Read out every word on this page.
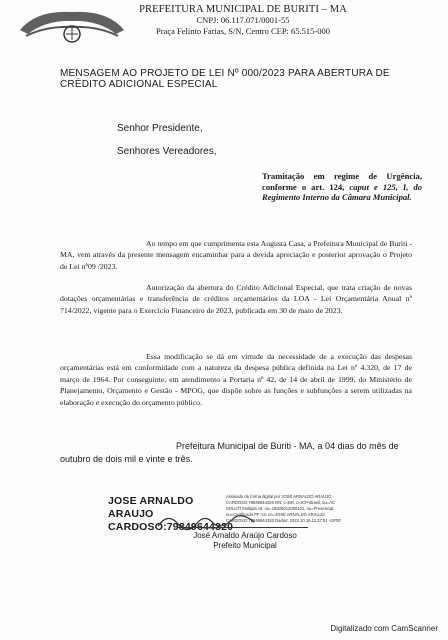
PREFEITURA MUNICIPAL DE BURITI – MA
CNPJ: 06.117.071/0001-55
Praça Felinto Farias, S/N, Centro CEP: 65.515-000
MENSAGEM AO PROJETO DE LEI Nº 000/2023 PARA ABERTURA DE CRÉDITO ADICIONAL ESPECIAL
Senhor Presidente,
Senhores Vereadores,
Tramitação em regime de Urgência, conforme o art. 124, caput e 125, I, do Regimento Interno da Câmara Municipal.
Ao tempo em que cumprimenta esta Augusta Casa, a Prefeitura Municipal de Buriti - MA, vem através da presente mensagem encaminhar para a devida apreciação e posterior aprovação o Projeto de Lei nº09 /2023.
Autorização da abertura do Crédito Adicional Especial, que trata criação de novas dotações orçamentárias e transferência de créditos orçamentários da LOA - Lei Orçamentária Anual nº 714/2022, vigente para o Exercício Financeiro de 2023, publicada em 30 de maio de 2023.
Essa modificação se dá em virtude da necessidade de a execução das despesas orçamentárias está em conformidade com a natureza da despesa pública definida na Lei nº 4.320, de 17 de março de 1964. Por conseguinte, em atendimento a Portaria nº 42, de 14 de abril de 1999, do Ministério de Planejamento, Orçamento e Gestão - MPOG, que dispõe sobre as funções e subfunções a serem utilizadas na elaboração e execução do orçamento público.
Prefeitura Municipal de Buriti - MA, a 04 dias do mês de outubro de dois mil e vinte e três.
JOSE ARNALDO ARAUJO CARDOSO:79849644320
Assinado de forma digital por JOSE ARNALDO ARAUJO CARDOSO:79849644320 DN: c=BR, o=ICP-Brasil, ou=AC SOLUTI Multipla v5, ou=19328012000101, ou=Presencial, ou=Certificado PF A3, cn=JOSE ARNALDO ARAUJO CARDOSO:79849644320 Dados: 2023.10.16 11:37:51 -03'00'
José Arnaldo Araújo Cardoso
Prefeito Municipal
Digitalizado com CamScanner
